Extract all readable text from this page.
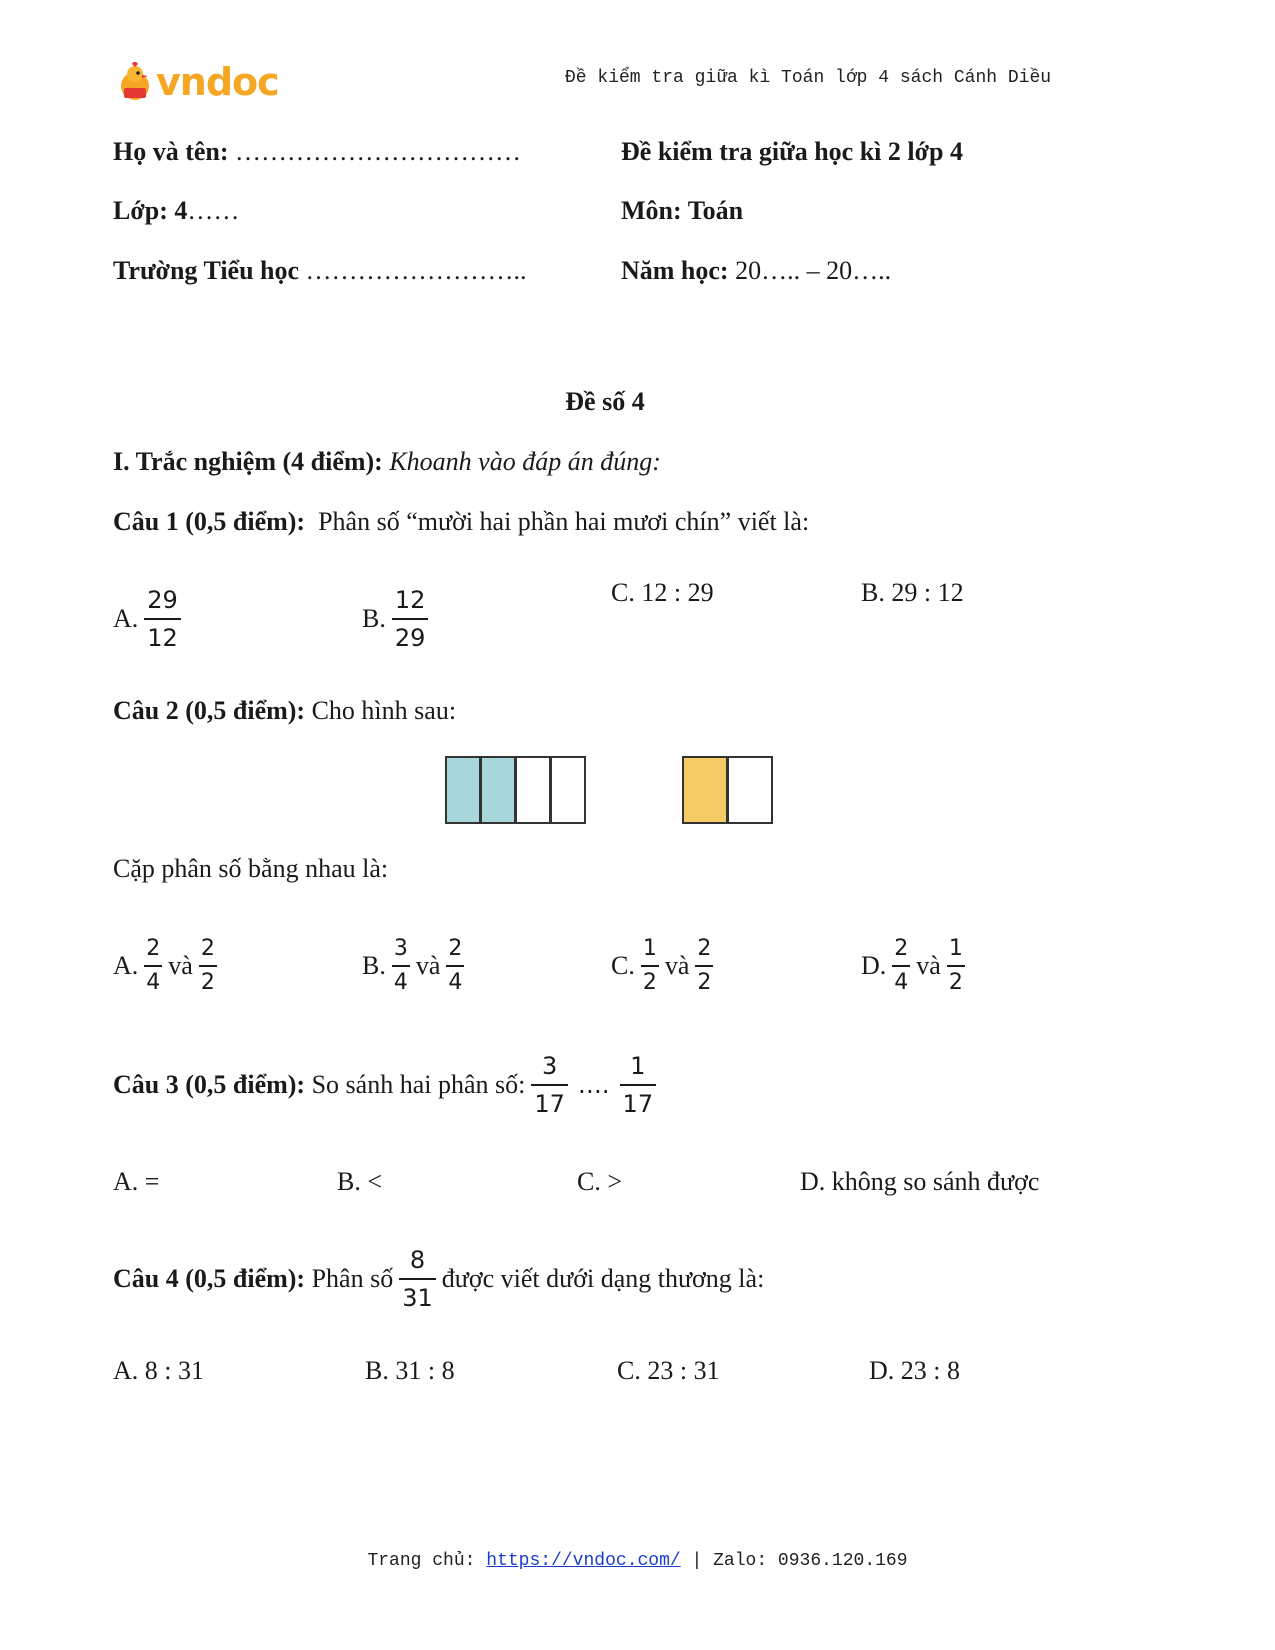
vndoc	Đề kiểm tra giữa kì Toán lớp 4 sách Cánh Diều
Họ và tên: ……………………………
Lớp: 4……
Trường Tiểu học ……………………..
Đề kiểm tra giữa học kì 2 lớp 4
Môn: Toán
Năm học: 20….. – 20…..
Đề số 4
I. Trắc nghiệm (4 điểm): Khoanh vào đáp án đúng:
Câu 1 (0,5 điểm): Phân số “mười hai phần hai mươi chín” viết là:
A. $\frac{29}{12}$	B. $\frac{12}{29}$	C. 12 : 29	B. 29 : 12
Câu 2 (0,5 điểm): Cho hình sau:
Cặp phân số bằng nhau là:
A. $\frac{2}{4}$ và $\frac{2}{2}$	B. $\frac{3}{4}$ và $\frac{2}{4}$	C. $\frac{1}{2}$ và $\frac{2}{2}$	D. $\frac{2}{4}$ và $\frac{1}{2}$
Câu 3 (0,5 điểm):
So sánh hai phân số: $\frac{3}{17}$ …. $\frac{1}{17}$
A. =	B. <	C. >	D. không so sánh được
Câu 4 (0,5 điểm):
Phân số $\frac{8}{31}$ được viết dưới dạng thương là:
A. 8 : 31	B. 31 : 8	C. 23 : 31	D. 23 : 8
Trang chủ: https://vndoc.com/ | Zalo: 0936.120.169
